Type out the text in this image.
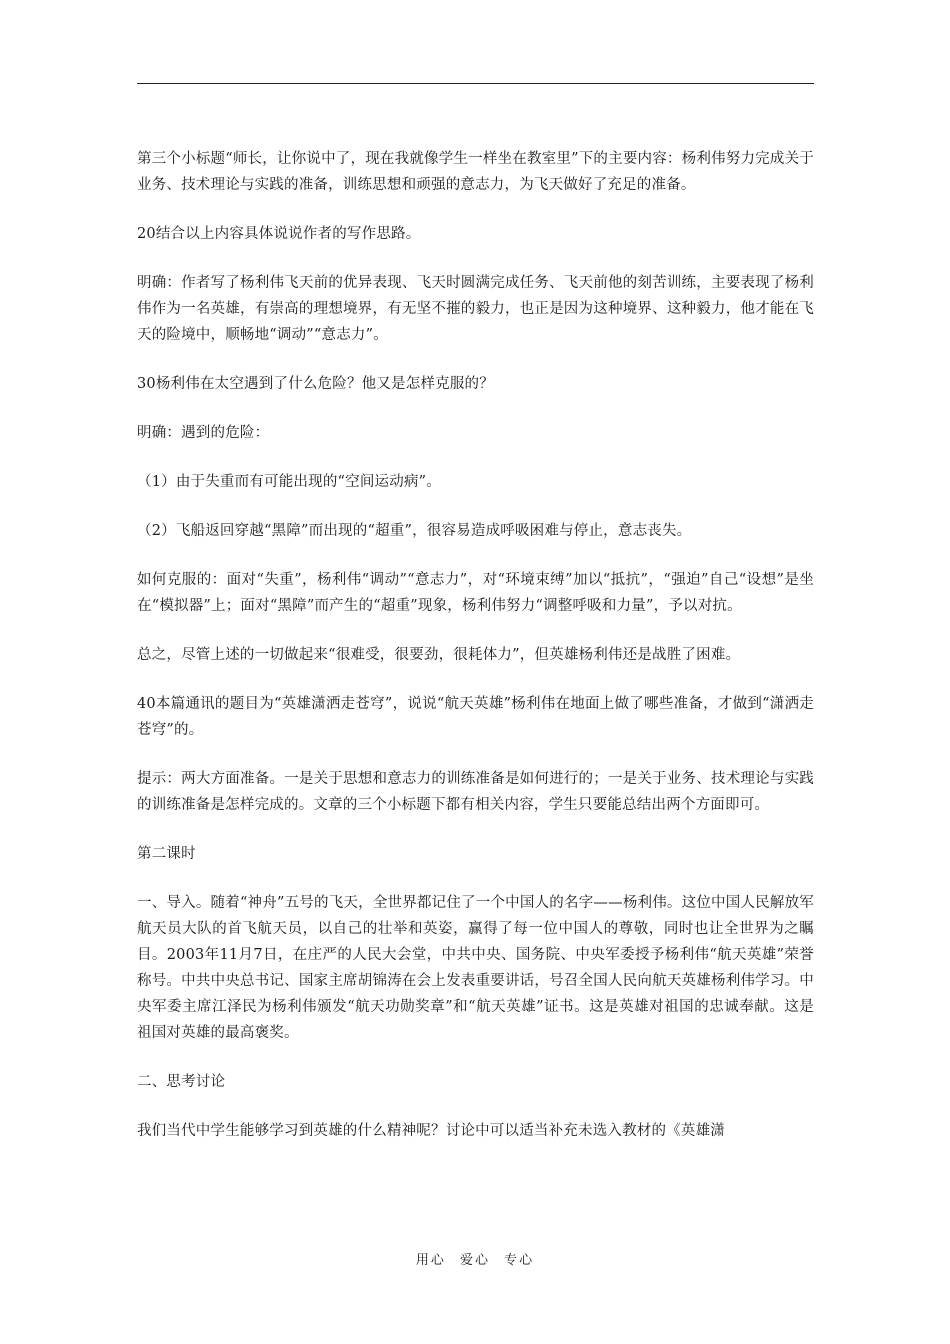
第三个小标题“师长，让你说中了，现在我就像学生一样坐在教室里”下的主要内容：杨利伟努力完成关于业务、技术理论与实践的准备，训练思想和顽强的意志力，为飞天做好了充足的准备。

20结合以上内容具体说说作者的写作思路。

明确：作者写了杨利伟飞天前的优异表现、飞天时圆满完成任务、飞天前他的刻苦训练，主要表现了杨利伟作为一名英雄，有崇高的理想境界，有无坚不摧的毅力，也正是因为这种境界、这种毅力，他才能在飞天的险境中，顺畅地“调动”“意志力”。

30杨利伟在太空遇到了什么危险？他又是怎样克服的？

明确：遇到的危险：

（1）由于失重而有可能出现的“空间运动病”。

（2）飞船返回穿越“黑障”而出现的“超重”，很容易造成呼吸困难与停止，意志丧失。

如何克服的：面对“失重”，杨利伟“调动”“意志力”，对“环境束缚”加以“抵抗”，“强迫”自己“设想”是坐在“模拟器”上；面对“黑障”而产生的“超重”现象，杨利伟努力“调整呼吸和力量”，予以对抗。

总之，尽管上述的一切做起来“很难受，很要劲，很耗体力”，但英雄杨利伟还是战胜了困难。

40本篇通讯的题目为“英雄潇洒走苍穹”，说说“航天英雄”杨利伟在地面上做了哪些准备，才做到“潇洒走苍穹”的。

提示：两大方面准备。一是关于思想和意志力的训练准备是如何进行的；一是关于业务、技术理论与实践的训练准备是怎样完成的。文章的三个小标题下都有相关内容，学生只要能总结出两个方面即可。

第二课时

一、导入。随着“神舟”五号的飞天，全世界都记住了一个中国人的名字——杨利伟。这位中国人民解放军航天员大队的首飞航天员，以自己的壮举和英姿，赢得了每一位中国人的尊敬，同时也让全世界为之瞩目。2003年11月7日，在庄严的人民大会堂，中共中央、国务院、中央军委授予杨利伟“航天英雄”荣誉称号。中共中央总书记、国家主席胡锦涛在会上发表重要讲话，号召全国人民向航天英雄杨利伟学习。中央军委主席江泽民为杨利伟颁发“航天功勋奖章”和“航天英雄”证书。这是英雄对祖国的忠诚奉献。这是祖国对英雄的最高褒奖。

二、思考讨论

我们当代中学生能够学习到英雄的什么精神呢？讨论中可以适当补充未选入教材的《英雄潇

用心 爱心 专心
